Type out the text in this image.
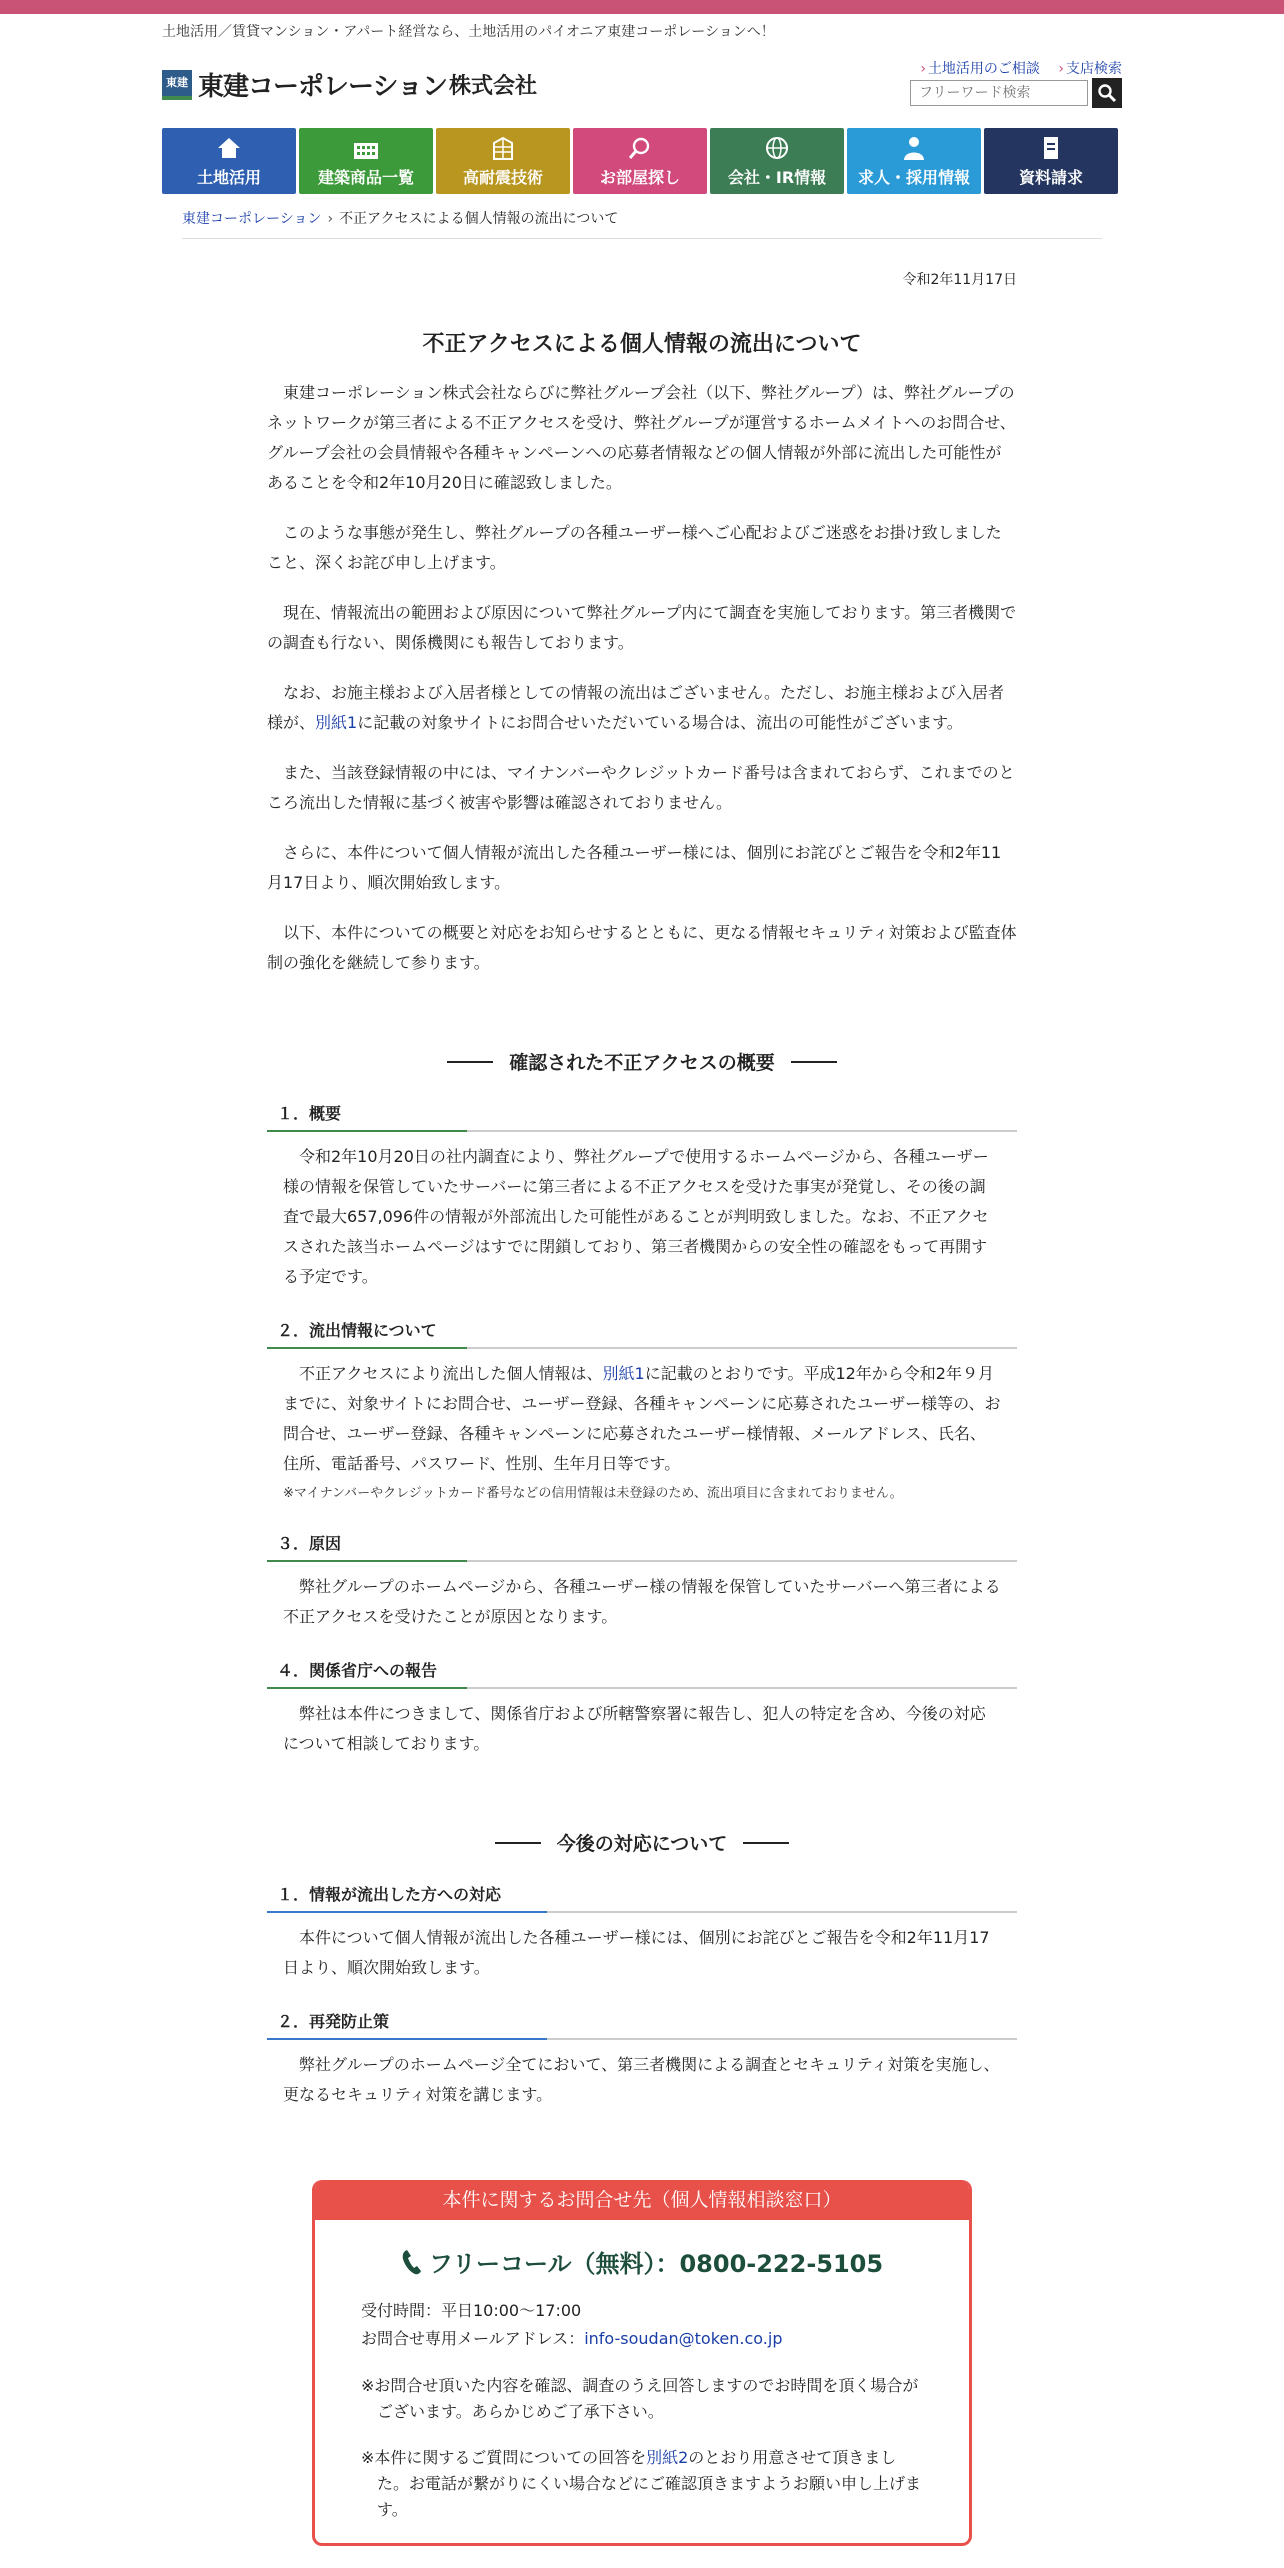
土地活用／賃貸マンション・アパート経営なら、土地活用のパイオニア東建コーポレーションへ！
東建 東建コーポレーション 株式会社
› 土地活用のご相談 › 支店検索
フリーワード検索
土地活用	建築商品一覧	高耐震技術	お部屋探し	会社・IR情報 求人・採用情報	資料請求
東建コーポレーション › 不正アクセスによる個人情報の流出について
令和2年11月17日
不正アクセスによる個人情報の流出について

東建コーポレーション株式会社ならびに弊社グループ会社（以下、弊社グループ）は、弊社グループのネットワークが第三者による不正アクセスを受け、弊社グループが運営するホームメイトへのお問合せ、グループ会社の会員情報や各種キャンペーンへの応募者情報などの個人情報が外部に流出した可能性があることを令和2年10月20日に確認致しました。

このような事態が発生し、弊社グループの各種ユーザー様へご心配およびご迷惑をお掛け致しましたこと、深くお詫び申し上げます。

現在、情報流出の範囲および原因について弊社グループ内にて調査を実施しております。第三者機関での調査も行ない、関係機関にも報告しております。

なお、お施主様および入居者様としての情報の流出はございません。ただし、お施主様および入居者様が、別紙1に記載の対象サイトにお問合せいただいている場合は、流出の可能性がございます。

また、当該登録情報の中には、マイナンバーやクレジットカード番号は含まれておらず、これまでのところ流出した情報に基づく被害や影響は確認されておりません。

さらに、本件について個人情報が流出した各種ユーザー様には、個別にお詫びとご報告を令和2年11月17日より、順次開始致します。

以下、本件についての概要と対応をお知らせするとともに、更なる情報セキュリティ対策および監査体制の強化を継続して参ります。

確認された不正アクセスの概要
１．概要

令和2年10月20日の社内調査により、弊社グループで使用するホームページから、各種ユーザー様の情報を保管していたサーバーに第三者による不正アクセスを受けた事実が発覚し、その後の調査で最大657,096件の情報が外部流出した可能性があることが判明致しました。なお、不正アクセスされた該当ホームページはすでに閉鎖しており、第三者機関からの安全性の確認をもって再開する予定です。

２．流出情報について

不正アクセスにより流出した個人情報は、別紙1に記載のとおりです。平成12年から令和2年９月までに、対象サイトにお問合せ、ユーザー登録、各種キャンペーンに応募されたユーザー様等の、お問合せ、ユーザー登録、各種キャンペーンに応募されたユーザー様情報、メールアドレス、氏名、住所、電話番号、パスワード、性別、生年月日等です。

※マイナンバーやクレジットカード番号などの信用情報は未登録のため、流出項目に含まれておりません。
３．原因

弊社グループのホームページから、各種ユーザー様の情報を保管していたサーバーへ第三者による不正アクセスを受けたことが原因となります。

４．関係省庁への報告

弊社は本件につきまして、関係省庁および所轄警察署に報告し、犯人の特定を含め、今後の対応について相談しております。

今後の対応について
１．情報が流出した方への対応

本件について個人情報が流出した各種ユーザー様には、個別にお詫びとご報告を令和2年11月17日より、順次開始致します。

２．再発防止策

弊社グループのホームページ全てにおいて、第三者機関による調査とセキュリティ対策を実施し、更なるセキュリティ対策を講じます。

本件に関するお問合せ先（個人情報相談窓口）
フリーコール（無料）：0800-222-5105

受付時間：平日10:00～17:00

お問合せ専用メールアドレス：info-soudan@token.co.jp

※お問合せ頂いた内容を確認、調査のうえ回答しますのでお時間を頂く場合がございます。あらかじめご了承下さい。

※本件に関するご質問についての回答を別紙2のとおり用意させて頂きました。お電話が繋がりにくい場合などにご確認頂きますようお願い申し上げます。
